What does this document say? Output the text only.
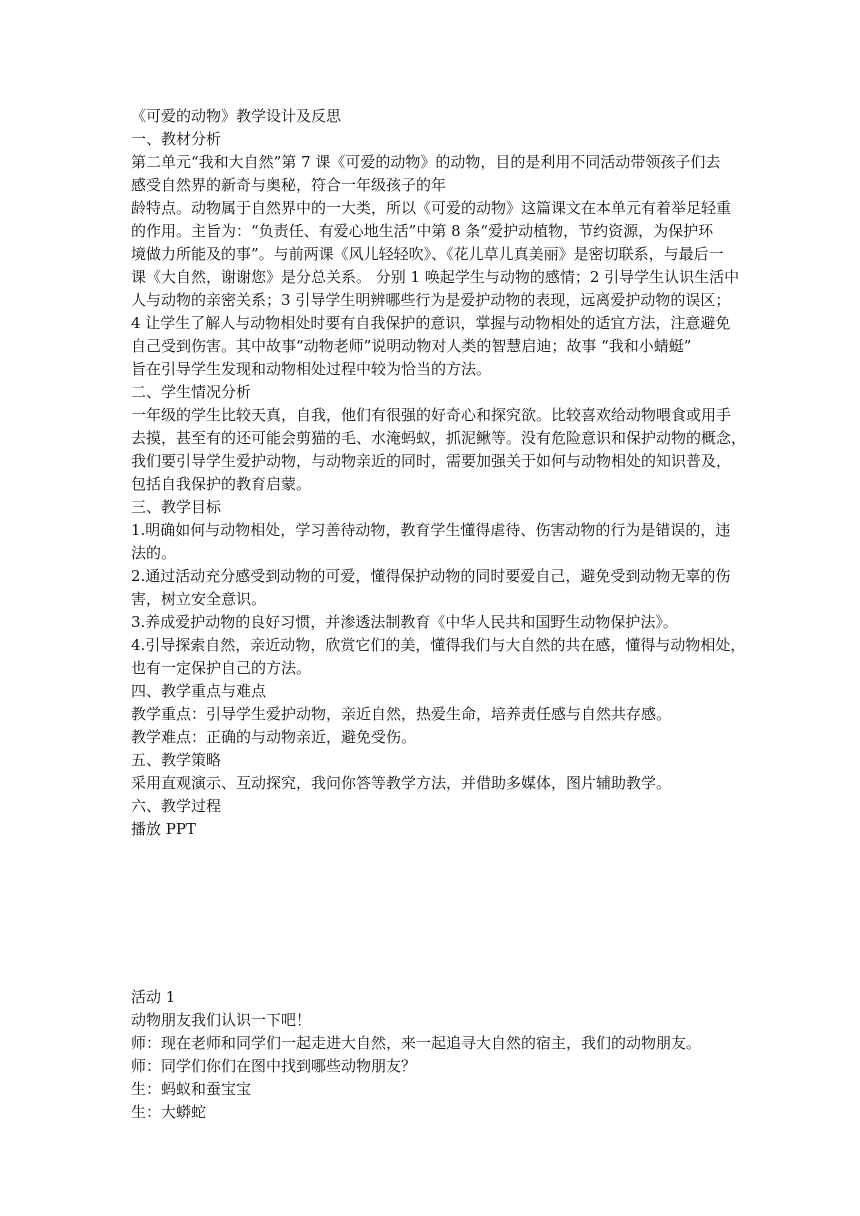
《可爱的动物》教学设计及反思

一、教材分析

第二单元“我和大自然”第 7 课《可爱的动物》的动物，目的是利用不同活动带领孩子们去

感受自然界的新奇与奥秘，符合一年级孩子的年

龄特点。动物属于自然界中的一大类，所以《可爱的动物》这篇课文在本单元有着举足轻重

的作用。主旨为：“负责任、有爱心地生活”中第 8 条“爱护动植物，节约资源，为保护环

境做力所能及的事”。与前两课《风儿轻轻吹》、《花儿草儿真美丽》是密切联系，与最后一

课《大自然，谢谢您》是分总关系。 分别 1 唤起学生与动物的感情；2 引导学生认识生活中

人与动物的亲密关系；3 引导学生明辨哪些行为是爱护动物的表现，远离爱护动物的误区；

4 让学生了解人与动物相处时要有自我保护的意识，掌握与动物相处的适宜方法，注意避免

自己受到伤害。其中故事“动物老师”说明动物对人类的智慧启迪；故事 “我和小蜻蜓”

旨在引导学生发现和动物相处过程中较为恰当的方法。

二、学生情况分析

一年级的学生比较天真，自我，他们有很强的好奇心和探究欲。比较喜欢给动物喂食或用手

去摸，甚至有的还可能会剪猫的毛、水淹蚂蚁，抓泥鳅等。没有危险意识和保护动物的概念，

我们要引导学生爱护动物，与动物亲近的同时，需要加强关于如何与动物相处的知识普及，

包括自我保护的教育启蒙。

三、教学目标

1.明确如何与动物相处，学习善待动物，教育学生懂得虐待、伤害动物的行为是错误的，违

法的。

2.通过活动充分感受到动物的可爱，懂得保护动物的同时要爱自己，避免受到动物无辜的伤

害，树立安全意识。

3.养成爱护动物的良好习惯，并渗透法制教育《中华人民共和国野生动物保护法》。

4.引导探索自然，亲近动物，欣赏它们的美，懂得我们与大自然的共在感，懂得与动物相处，

也有一定保护自己的方法。

四、教学重点与难点

教学重点：引导学生爱护动物，亲近自然，热爱生命，培养责任感与自然共存感。

教学难点：正确的与动物亲近，避免受伤。

五、教学策略

采用直观演示、互动探究，我问你答等教学方法，并借助多媒体，图片辅助教学。

六、教学过程

播放 PPT

活动 1

动物朋友我们认识一下吧！

师：现在老师和同学们一起走进大自然，来一起追寻大自然的宿主，我们的动物朋友。

师：同学们你们在图中找到哪些动物朋友？

生：蚂蚁和蚕宝宝

生：大蟒蛇
